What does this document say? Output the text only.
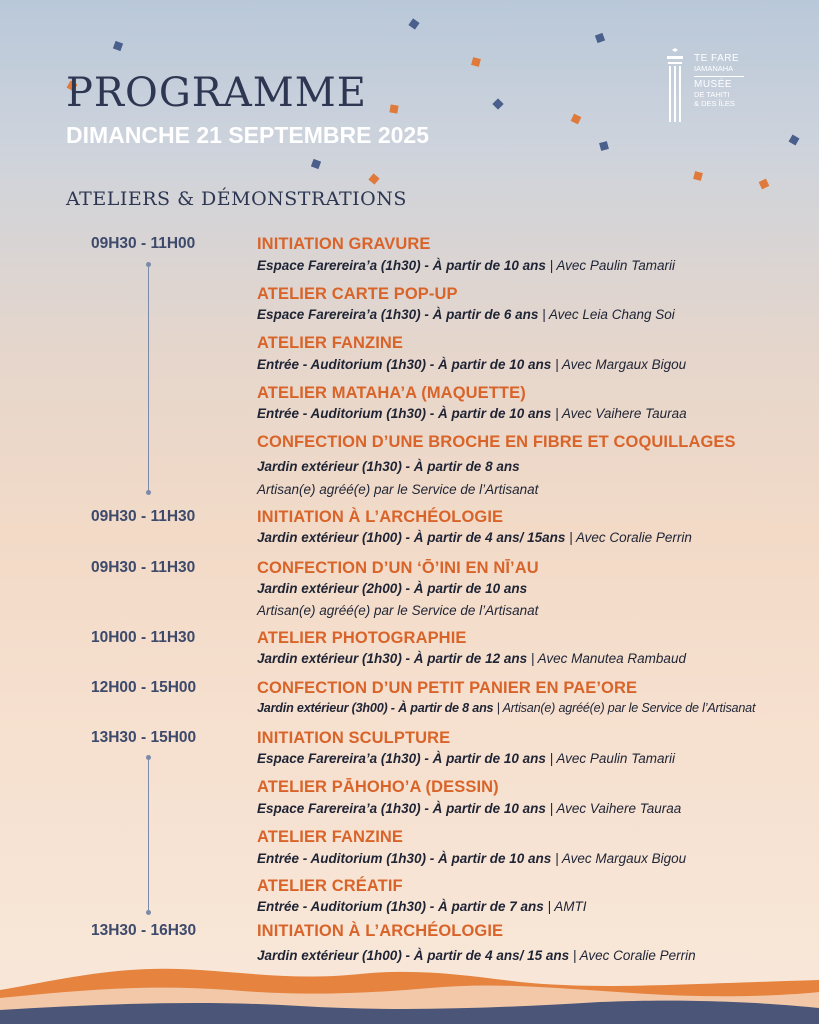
PROGRAMME
DIMANCHE 21 SEPTEMBRE 2025
ATELIERS & DÉMONSTRATIONS
TE FARE
IAMANAHA
MUSÉE
DE TAHITI
& DES ÎLES
09H30 - 11H00
09H30 - 11H30
09H30 - 11H30
10H00 - 11H30
12H00 - 15H00
13H30 - 15H00
13H30 - 16H30
INITIATION GRAVURE
Espace Farereira’a (1h30) - À partir de 10 ans | Avec Paulin Tamarii
ATELIER CARTE POP-UP
Espace Farereira’a (1h30) - À partir de 6 ans | Avec Leia Chang Soi
ATELIER FANZINE
Entrée - Auditorium (1h30) - À partir de 10 ans | Avec Margaux Bigou
ATELIER MATAHA’A (MAQUETTE)
Entrée - Auditorium (1h30) - À partir de 10 ans | Avec Vaihere Tauraa
CONFECTION D’UNE BROCHE EN FIBRE ET COQUILLAGES
Jardin extérieur (1h30) - À partir de 8 ans
Artisan(e) agréé(e) par le Service de l’Artisanat
INITIATION À L’ARCHÉOLOGIE
Jardin extérieur (1h00) - À partir de 4 ans/ 15ans | Avec Coralie Perrin
CONFECTION D’UN ‘Ō’INI EN NĪ’AU
Jardin extérieur (2h00) - À partir de 10 ans
Artisan(e) agréé(e) par le Service de l’Artisanat
ATELIER PHOTOGRAPHIE
Jardin extérieur (1h30) - À partir de 12 ans | Avec Manutea Rambaud
CONFECTION D’UN PETIT PANIER EN PAE’ORE
Jardin extérieur (3h00) - À partir de 8 ans | Artisan(e) agréé(e) par le Service de l’Artisanat
INITIATION SCULPTURE
Espace Farereira’a (1h30) - À partir de 10 ans | Avec Paulin Tamarii
ATELIER PĀHOHO’A (DESSIN)
Espace Farereira’a (1h30) - À partir de 10 ans | Avec Vaihere Tauraa
ATELIER FANZINE
Entrée - Auditorium (1h30) - À partir de 10 ans | Avec Margaux Bigou
ATELIER CRÉATIF
Entrée - Auditorium (1h30) - À partir de 7 ans | AMTI
INITIATION À L’ARCHÉOLOGIE
Jardin extérieur (1h00) - À partir de 4 ans/ 15 ans | Avec Coralie Perrin
